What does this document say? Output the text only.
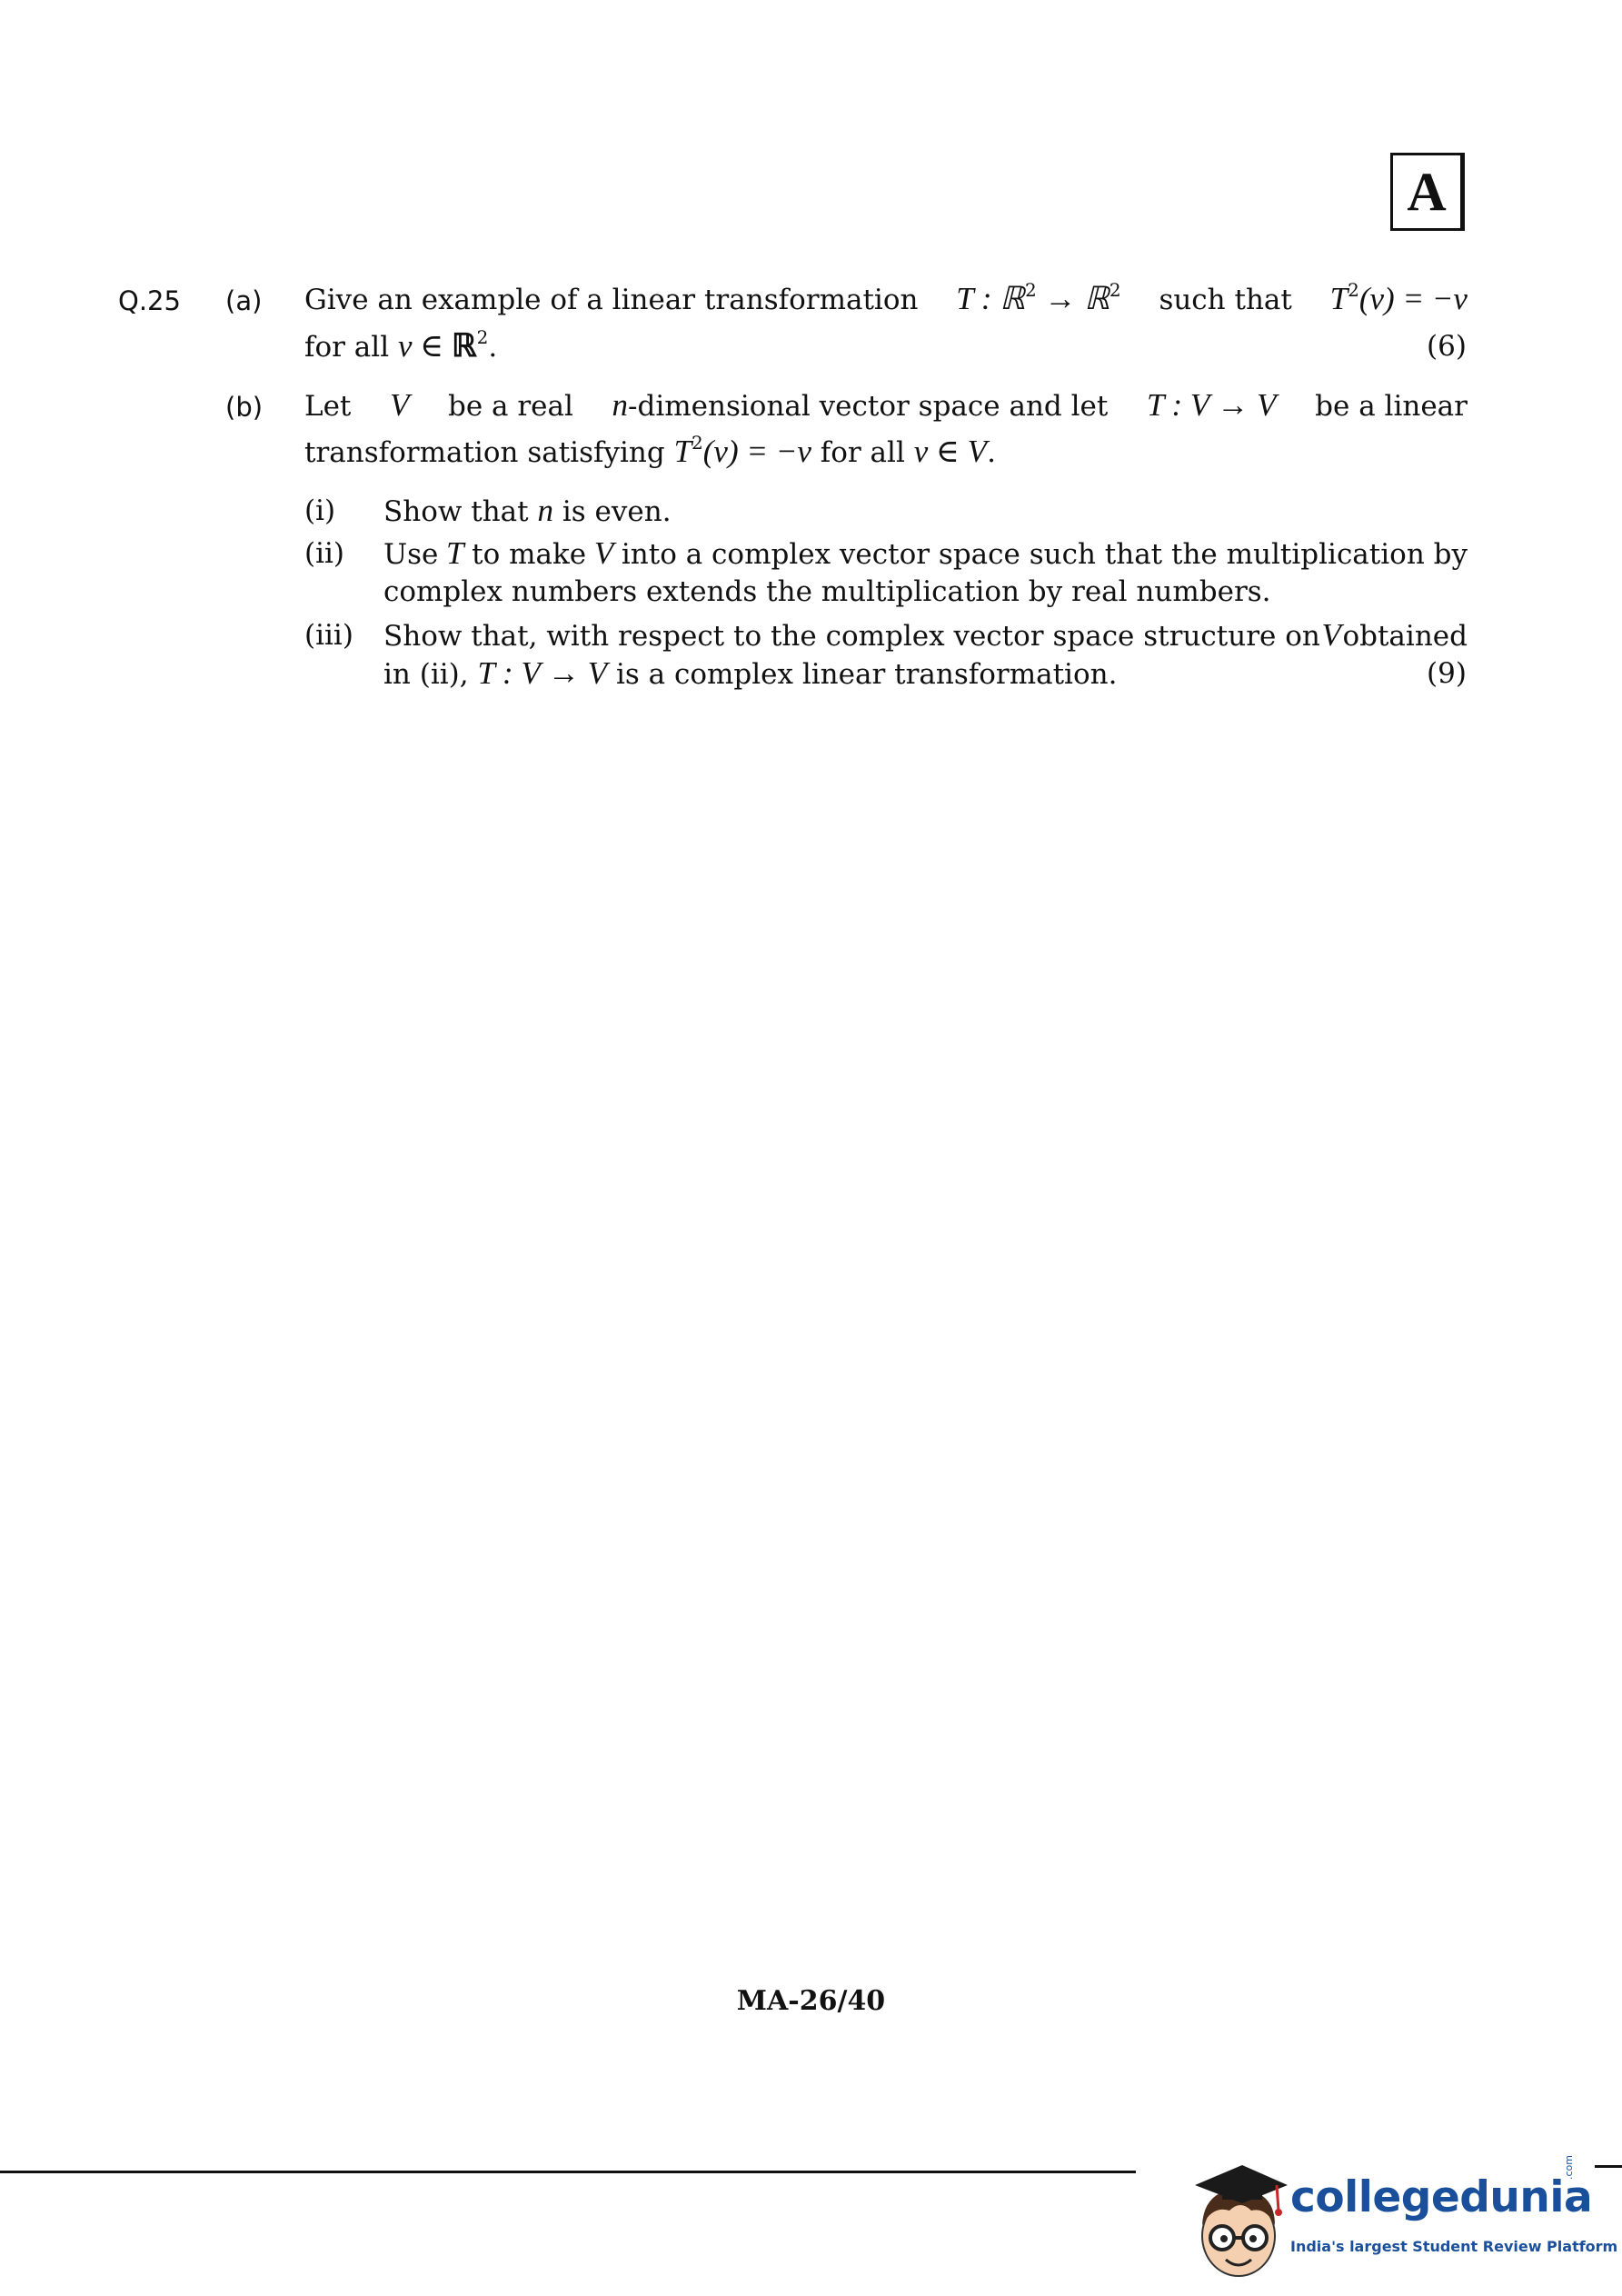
A
Q.25 (a) Give an example of a linear transformation T : ℝ$^2$ → ℝ$^2$ such that $T^2(v) = -v$
for all v ∈ ℝ$^2$.	(6)
(b) Let V be a real n-dimensional vector space and let T : V → V be a linear
transformation satisfying $T^2(v) = -v$ for all v ∈ V.
(i) Show that n is even.
(ii) Use T to make V into a complex vector space such that the multiplication by
complex numbers extends the multiplication by real numbers.
(iii) Show that, with respect to the complex vector space structure on V obtained
in (ii), T : V → V is a complex linear transformation.	(9)
MA-26/40
collegedunia
.com
India's largest Student Review Platform
